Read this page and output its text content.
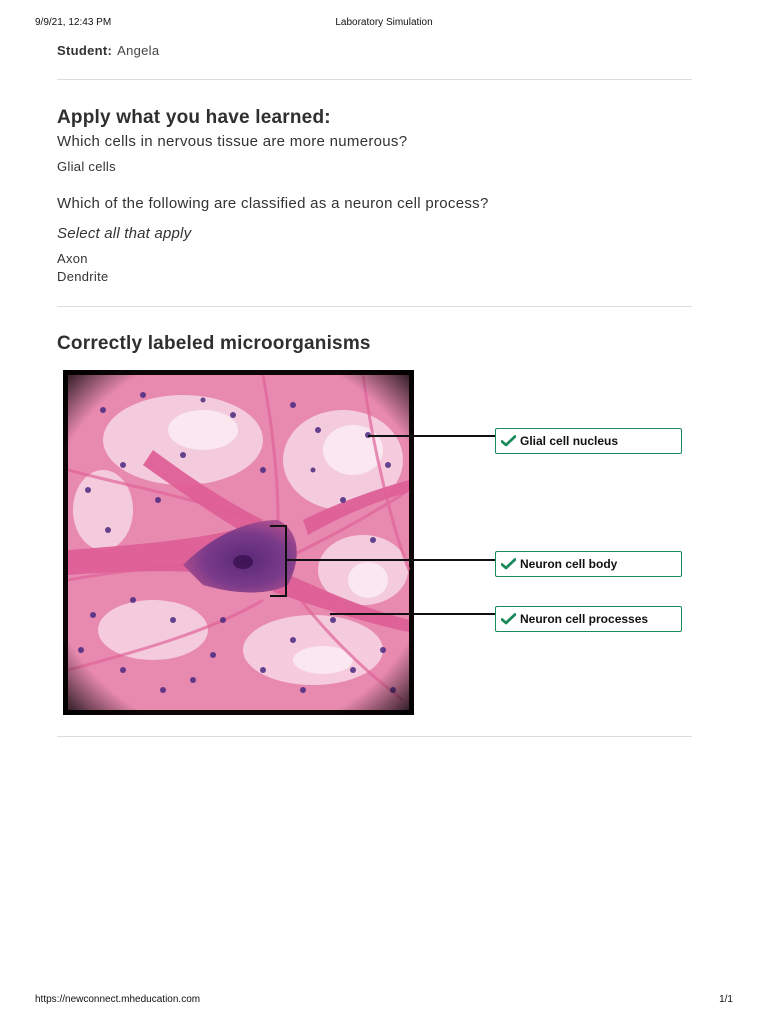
9/9/21, 12:43 PM	Laboratory Simulation
Student: Angela
Apply what you have learned:
Which cells in nervous tissue are more numerous?
Glial cells
Which of the following are classified as a neuron cell process?
Select all that apply
Axon
Dendrite
Correctly labeled microorganisms
Glial cell nucleus
Neuron cell body
Neuron cell processes
https://newconnect.mheducation.com	1/1
